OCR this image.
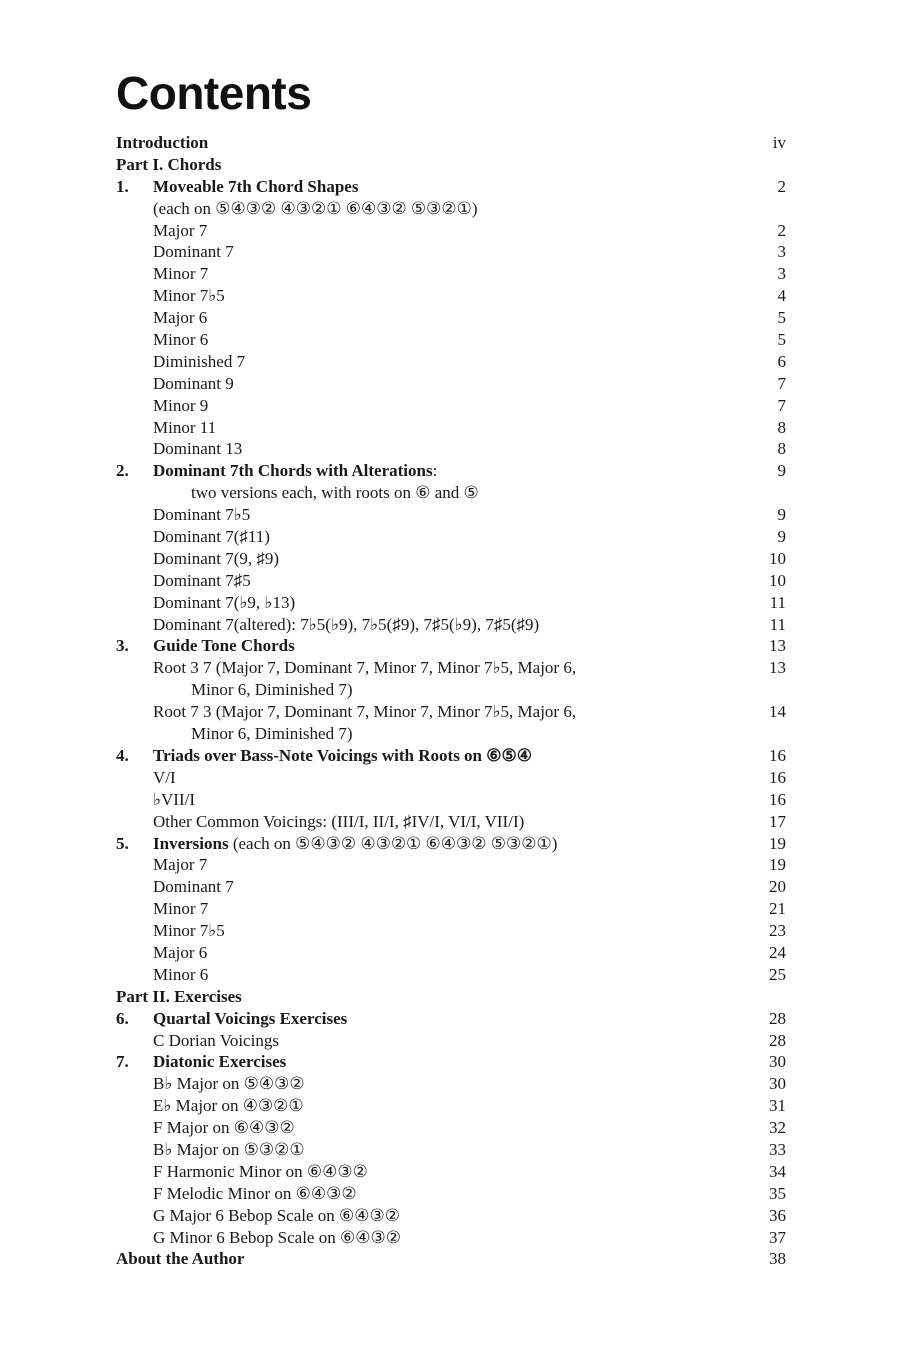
Contents
Introduction	iv
Part I. Chords
1. Moveable 7th Chord Shapes	2
(each on ⑤④③② ④③②① ⑥④③② ⑤③②①)
Major 7	2
Dominant 7	3
Minor 7	3
Minor 7♭5	4
Major 6	5
Minor 6	5
Diminished 7	6
Dominant 9	7
Minor 9	7
Minor 11	8
Dominant 13	8
2. Dominant 7th Chords with Alterations:	9
two versions each, with roots on ⑥ and ⑤
Dominant 7♭5	9
Dominant 7(♯11)	9
Dominant 7(9, ♯9)	10
Dominant 7♯5	10
Dominant 7(♭9, ♭13)	11
Dominant 7(altered): 7♭5(♭9), 7♭5(♯9), 7♯5(♭9), 7♯5(♯9)	11
3. Guide Tone Chords	13
Root 3 7 (Major 7, Dominant 7, Minor 7, Minor 7♭5, Major 6,	13
Minor 6, Diminished 7)
Root 7 3 (Major 7, Dominant 7, Minor 7, Minor 7♭5, Major 6,	14
Minor 6, Diminished 7)
4. Triads over Bass-Note Voicings with Roots on ⑥⑤④	16
V/I	16
♭VII/I	16
Other Common Voicings: (III/I, II/I, ♯IV/I, VI/I, VII/I)	17
5. Inversions (each on ⑤④③② ④③②① ⑥④③② ⑤③②①)	19
Major 7	19
Dominant 7	20
Minor 7	21
Minor 7♭5	23
Major 6	24
Minor 6	25
Part II. Exercises
6. Quartal Voicings Exercises	28
C Dorian Voicings	28
7. Diatonic Exercises	30
B♭ Major on ⑤④③②	30
E♭ Major on ④③②①	31
F Major on ⑥④③②	32
B♭ Major on ⑤③②①	33
F Harmonic Minor on ⑥④③②	34
F Melodic Minor on ⑥④③②	35
G Major 6 Bebop Scale on ⑥④③②	36
G Minor 6 Bebop Scale on ⑥④③②	37
About the Author	38
